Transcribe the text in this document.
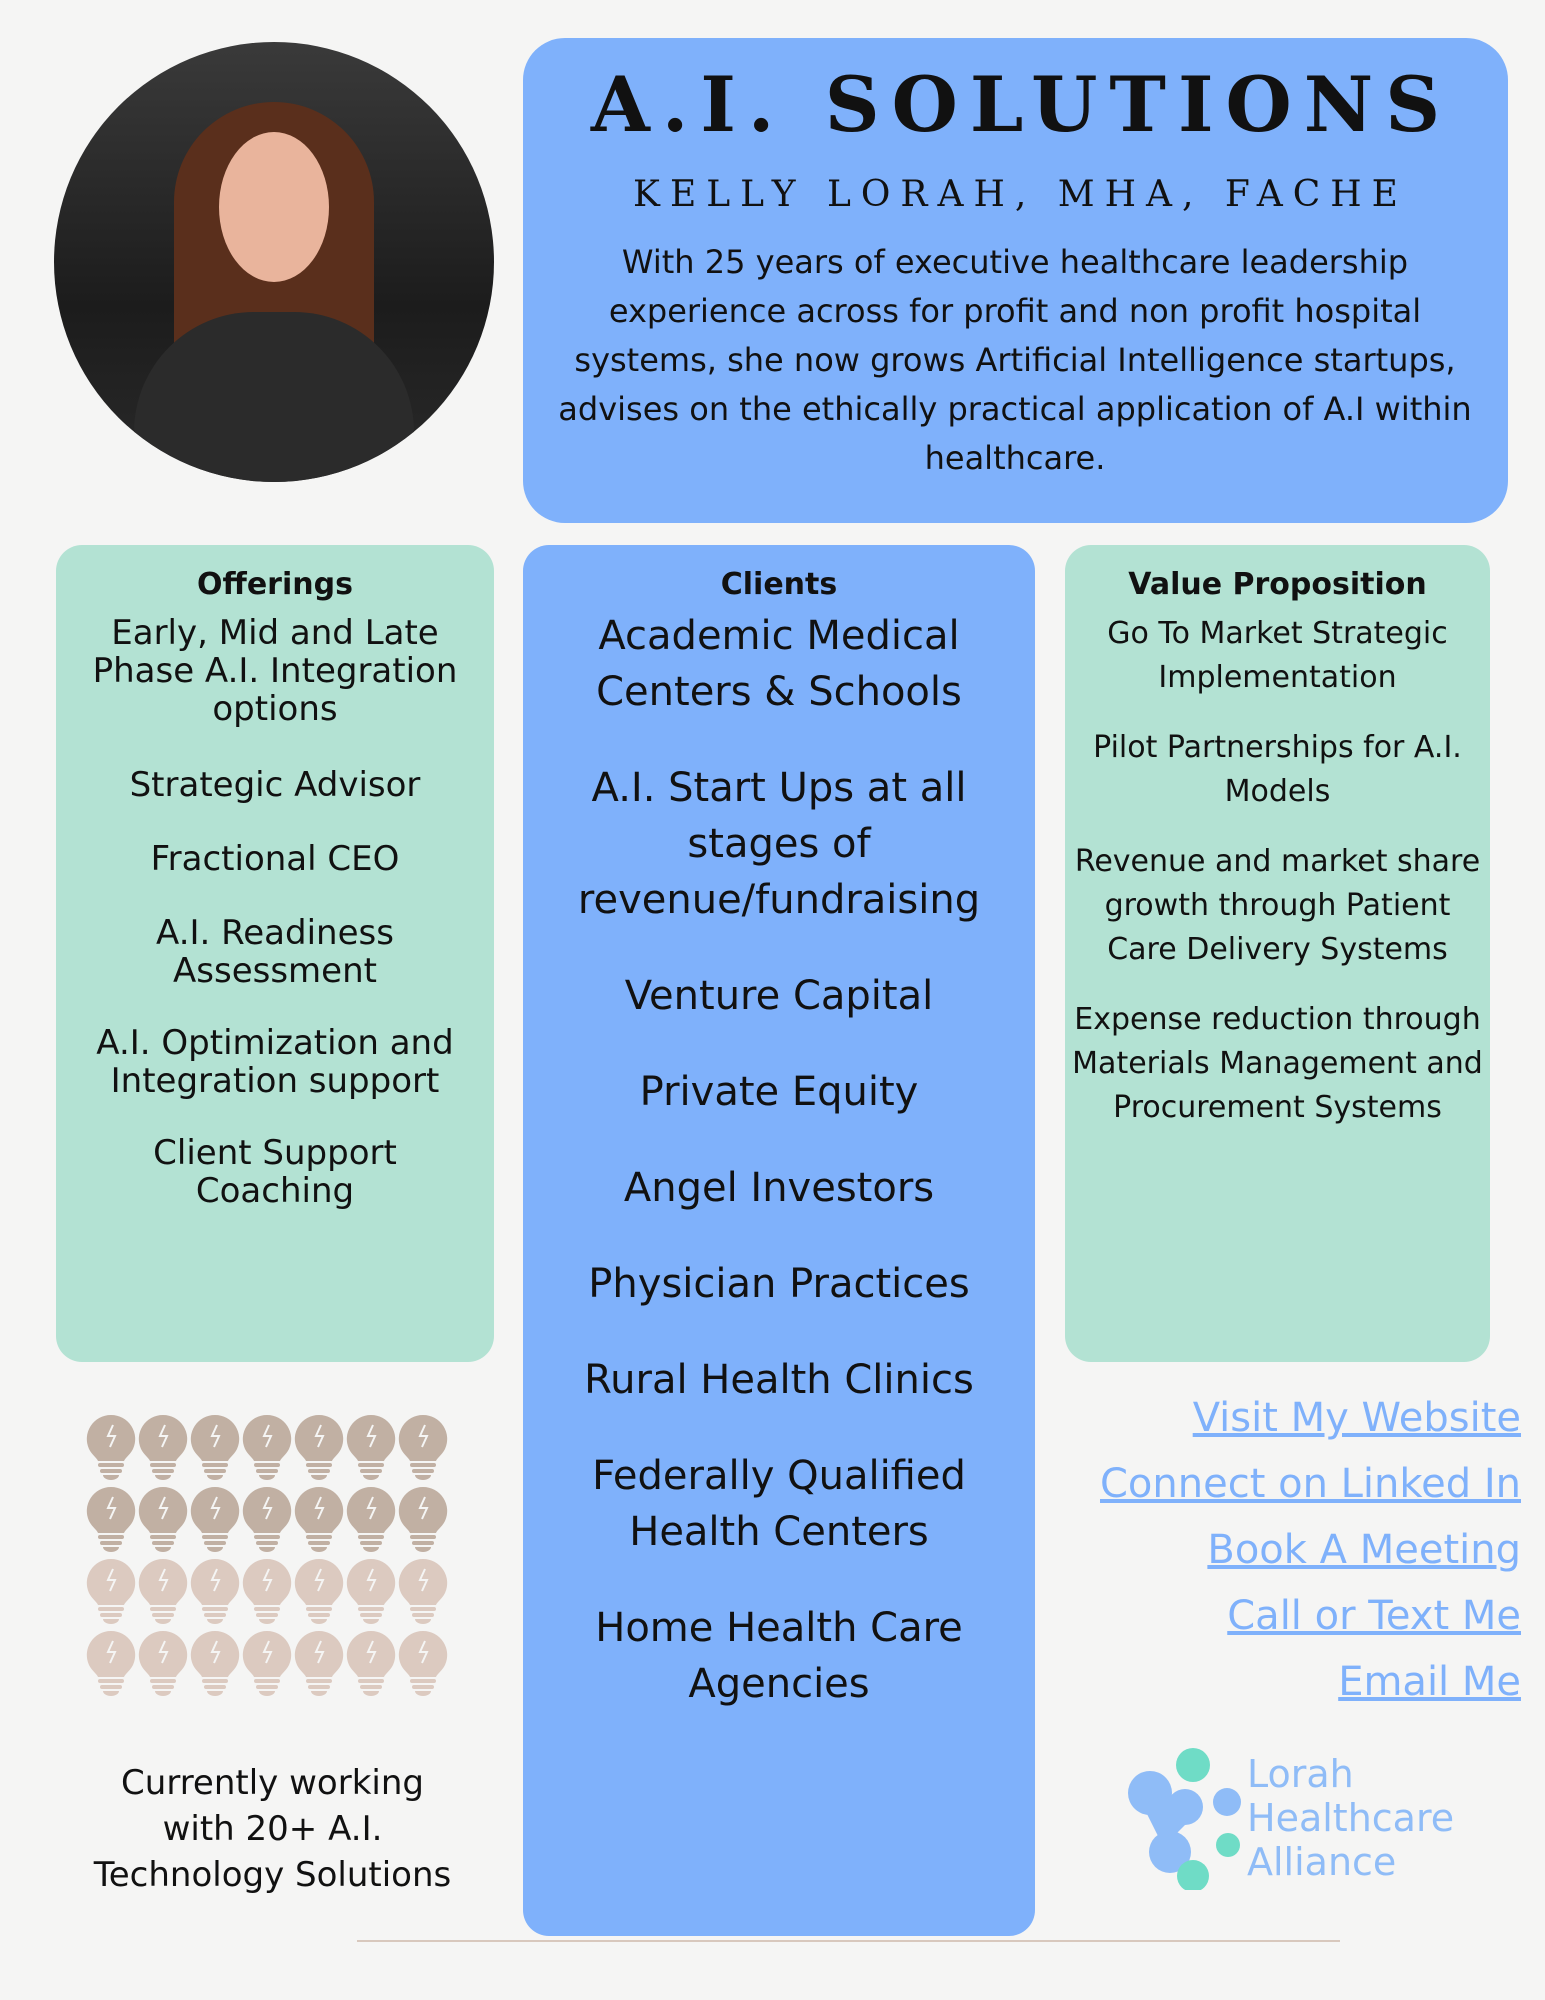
A.I. SOLUTIONS
KELLY LORAH, MHA, FACHE
With 25 years of executive healthcare leadership experience across for profit and non profit hospital systems, she now grows Artificial Intelligence startups, advises on the ethically practical application of A.I within healthcare.
Offerings
Early, Mid and Late Phase A.I. Integration options
Strategic Advisor
Fractional CEO
A.I. Readiness Assessment
A.I. Optimization and Integration support
Client Support Coaching
Clients
Academic Medical Centers & Schools
A.I. Start Ups at all stages of revenue/fundraising
Venture Capital
Private Equity
Angel Investors
Physician Practices
Rural Health Clinics
Federally Qualified Health Centers
Home Health Care Agencies
Value Proposition
Go To Market Strategic Implementation
Pilot Partnerships for A.I. Models
Revenue and market share growth through Patient Care Delivery Systems
Expense reduction through Materials Management and Procurement Systems
Visit My Website
Connect on Linked In
Book A Meeting
Call or Text Me
Email Me
Currently working with 20+ A.I. Technology Solutions
Lorah
Healthcare
Alliance
